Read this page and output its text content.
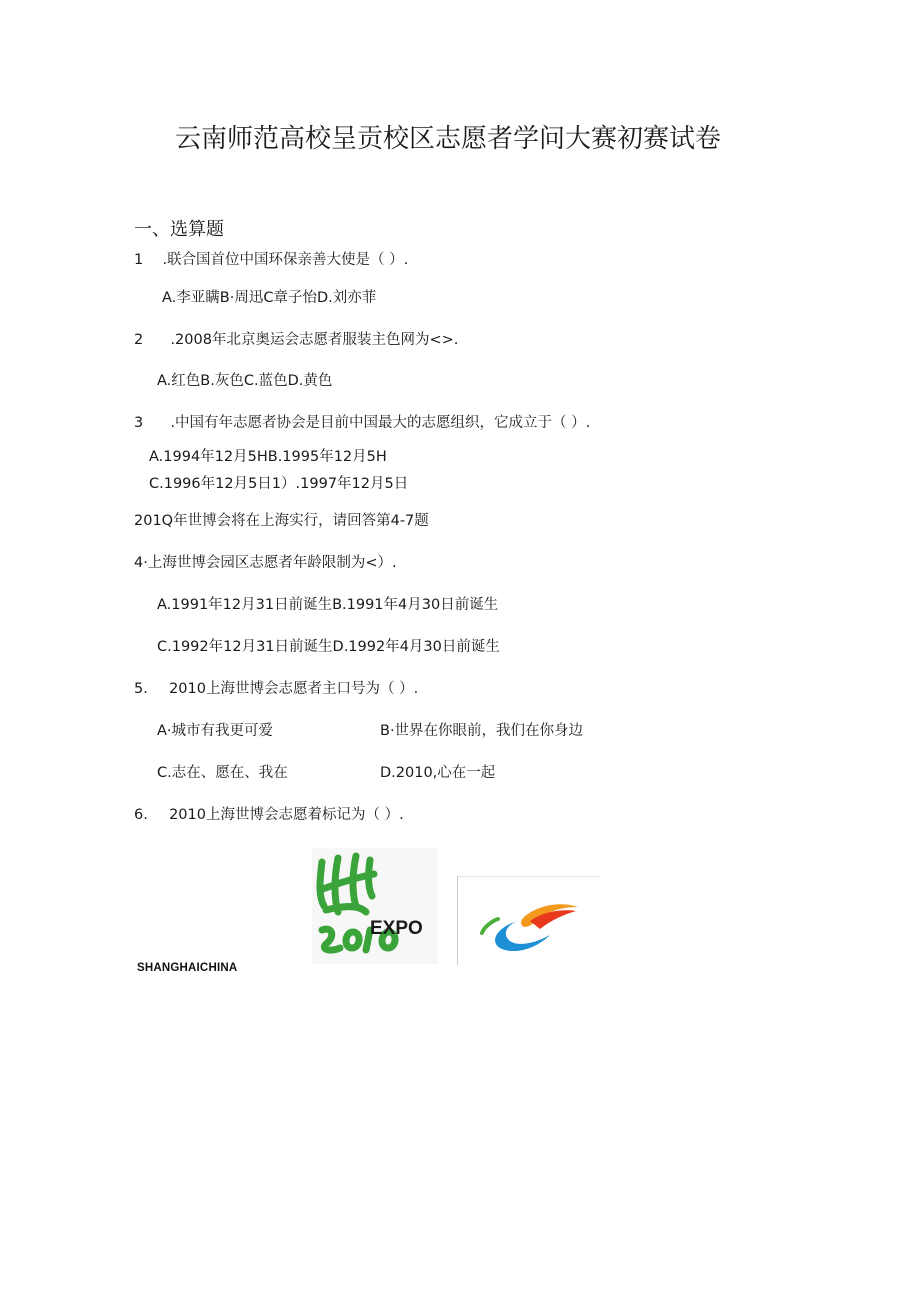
云南师范高校呈贡校区志愿者学问大赛初赛试卷
一、选算题
1 .联合国首位中国环保亲善大使是（ ）.
A.李亚瞒B·周迅C章子怡D.刘亦菲
2 .2008年北京奥运会志愿者服装主色网为<>.
A.红色B.灰色C.蓝色D.黄色
3 .中国有年志愿者协会是目前中国最大的志愿组织，它成立于（ ）.
A.1994年12月5HB.1995年12月5H
C.1996年12月5日1）.1997年12月5日
201Q年世博会将在上海实行，请回答第4-7题
4·上海世博会园区志愿者年龄限制为<）.
A.1991年12月31日前诞生B.1991年4月30日前诞生
C.1992年12月31日前诞生D.1992年4月30日前诞生
5. 2010上海世博会志愿者主口号为（ ）.
A·城市有我更可爱	B·世界在你眼前，我们在你身边
C.志在、愿在、我在	D.2010,心在一起
6. 2010上海世博会志愿着标记为（ ）.
EXPO
SHANGHAICHINA
